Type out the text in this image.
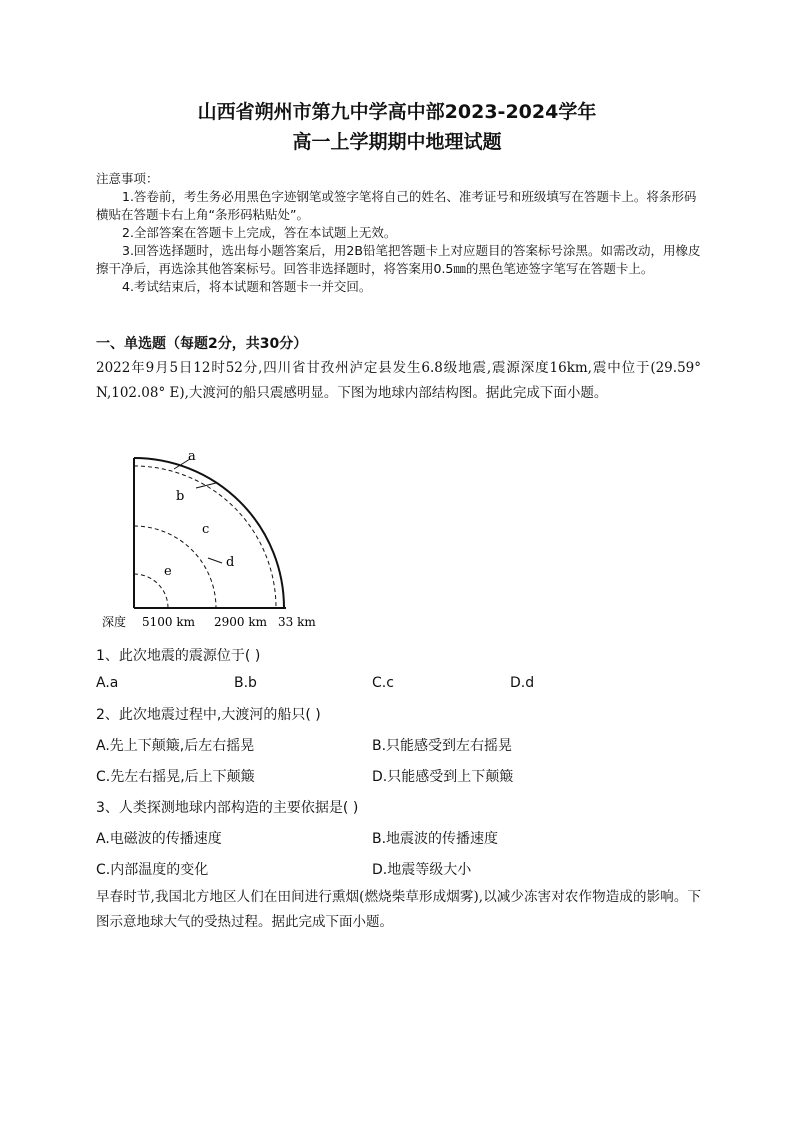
山西省朔州市第九中学高中部2023-2024学年
高一上学期期中地理试题

注意事项：

1.答卷前，考生务必用黑色字迹钢笔或签字笔将自己的姓名、准考证号和班级填写在答题卡上。将条形码横贴在答题卡右上角“条形码粘贴处”。

2.全部答案在答题卡上完成，答在本试题上无效。

3.回答选择题时，选出每小题答案后，用2B铅笔把答题卡上对应题目的答案标号涂黑。如需改动，用橡皮擦干净后，再选涂其他答案标号。回答非选择题时，将答案用0.5㎜的黑色笔迹签字笔写在答题卡上。

4.考试结束后，将本试题和答题卡一并交回。

一、单选题（每题2分，共30分）
2022年9月5日12时52分,四川省甘孜州泸定县发生6.8级地震,震源深度16km,震中位于(29.59° N,102.08° E),大渡河的船只震感明显。下图为地球内部结构图。据此完成下面小题。
a
b
c
d
e
深度 5100 km 2900 km 33 km
1、此次地震的震源位于( )
A.a	B.b	C.c	D.d
2、此次地震过程中,大渡河的船只( )
A.先上下颠簸,后左右摇晃	B.只能感受到左右摇晃
C.先左右摇晃,后上下颠簸	D.只能感受到上下颠簸
3、人类探测地球内部构造的主要依据是( )
A.电磁波的传播速度	B.地震波的传播速度
C.内部温度的变化	D.地震等级大小
早春时节,我国北方地区人们在田间进行熏烟(燃烧柴草形成烟雾),以减少冻害对农作物造成的影响。下图示意地球大气的受热过程。据此完成下面小题。
